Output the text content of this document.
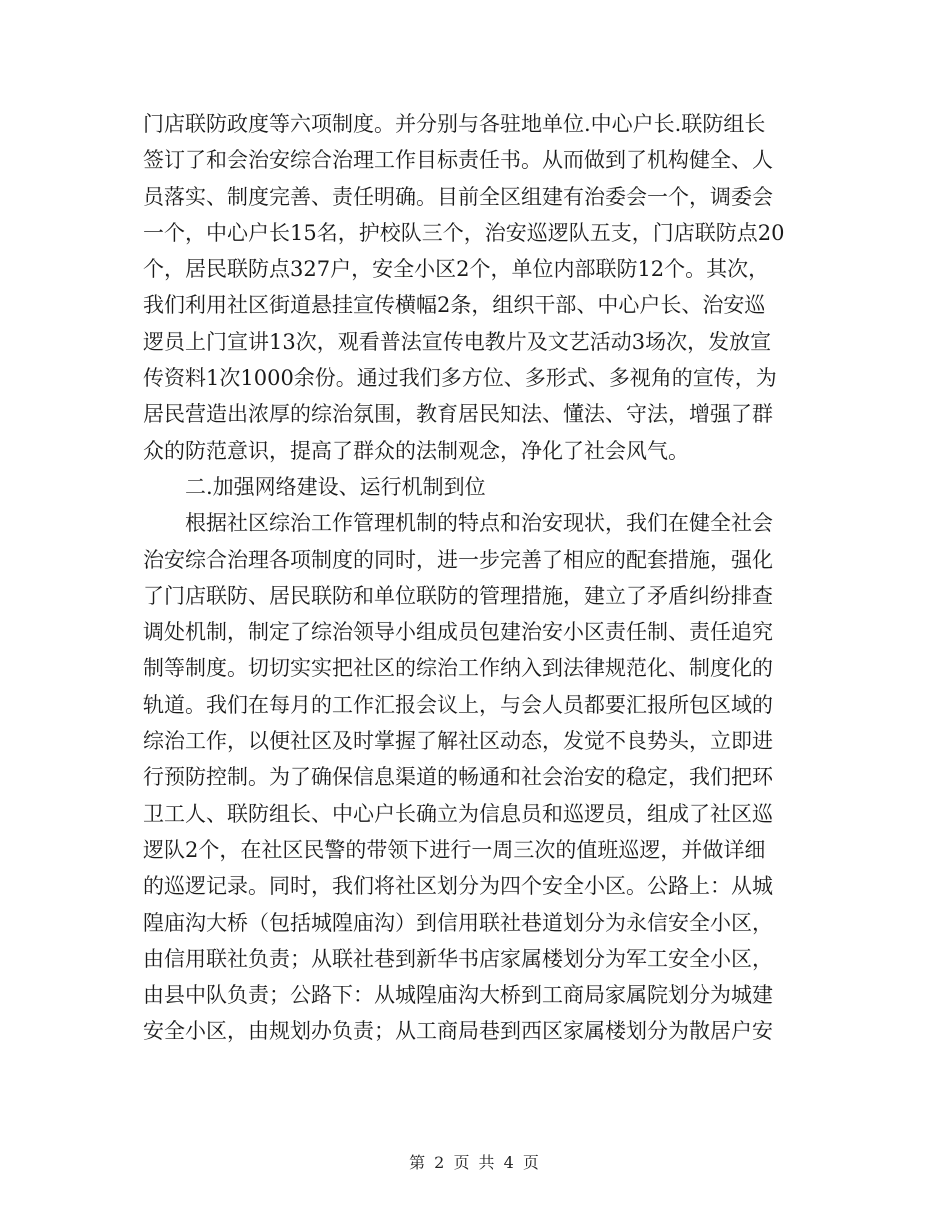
门店联防政度等六项制度。并分别与各驻地单位.中心户长.联防组长
签订了和会治安综合治理工作目标责任书。从而做到了机构健全、人
员落实、制度完善、责任明确。目前全区组建有治委会一个，调委会
一个，中心户长15名，护校队三个，治安巡逻队五支，门店联防点20
个，居民联防点327户，安全小区2个，单位内部联防12个。其次，
我们利用社区街道悬挂宣传横幅2条，组织干部、中心户长、治安巡
逻员上门宣讲13次，观看普法宣传电教片及文艺活动3场次，发放宣
传资料1次1000余份。通过我们多方位、多形式、多视角的宣传，为
居民营造出浓厚的综治氛围，教育居民知法、懂法、守法，增强了群
众的防范意识，提高了群众的法制观念，净化了社会风气。
二.加强网络建设、运行机制到位
根据社区综治工作管理机制的特点和治安现状，我们在健全社会
治安综合治理各项制度的同时，进一步完善了相应的配套措施，强化
了门店联防、居民联防和单位联防的管理措施，建立了矛盾纠纷排查
调处机制，制定了综治领导小组成员包建治安小区责任制、责任追究
制等制度。切切实实把社区的综治工作纳入到法律规范化、制度化的
轨道。我们在每月的工作汇报会议上，与会人员都要汇报所包区域的
综治工作，以便社区及时掌握了解社区动态，发觉不良势头，立即进
行预防控制。为了确保信息渠道的畅通和社会治安的稳定，我们把环
卫工人、联防组长、中心户长确立为信息员和巡逻员，组成了社区巡
逻队2个，在社区民警的带领下进行一周三次的值班巡逻，并做详细
的巡逻记录。同时，我们将社区划分为四个安全小区。公路上：从城
隍庙沟大桥（包括城隍庙沟）到信用联社巷道划分为永信安全小区，
由信用联社负责；从联社巷到新华书店家属楼划分为军工安全小区，
由县中队负责；公路下：从城隍庙沟大桥到工商局家属院划分为城建
安全小区，由规划办负责；从工商局巷到西区家属楼划分为散居户安
第 2 页 共 4 页
